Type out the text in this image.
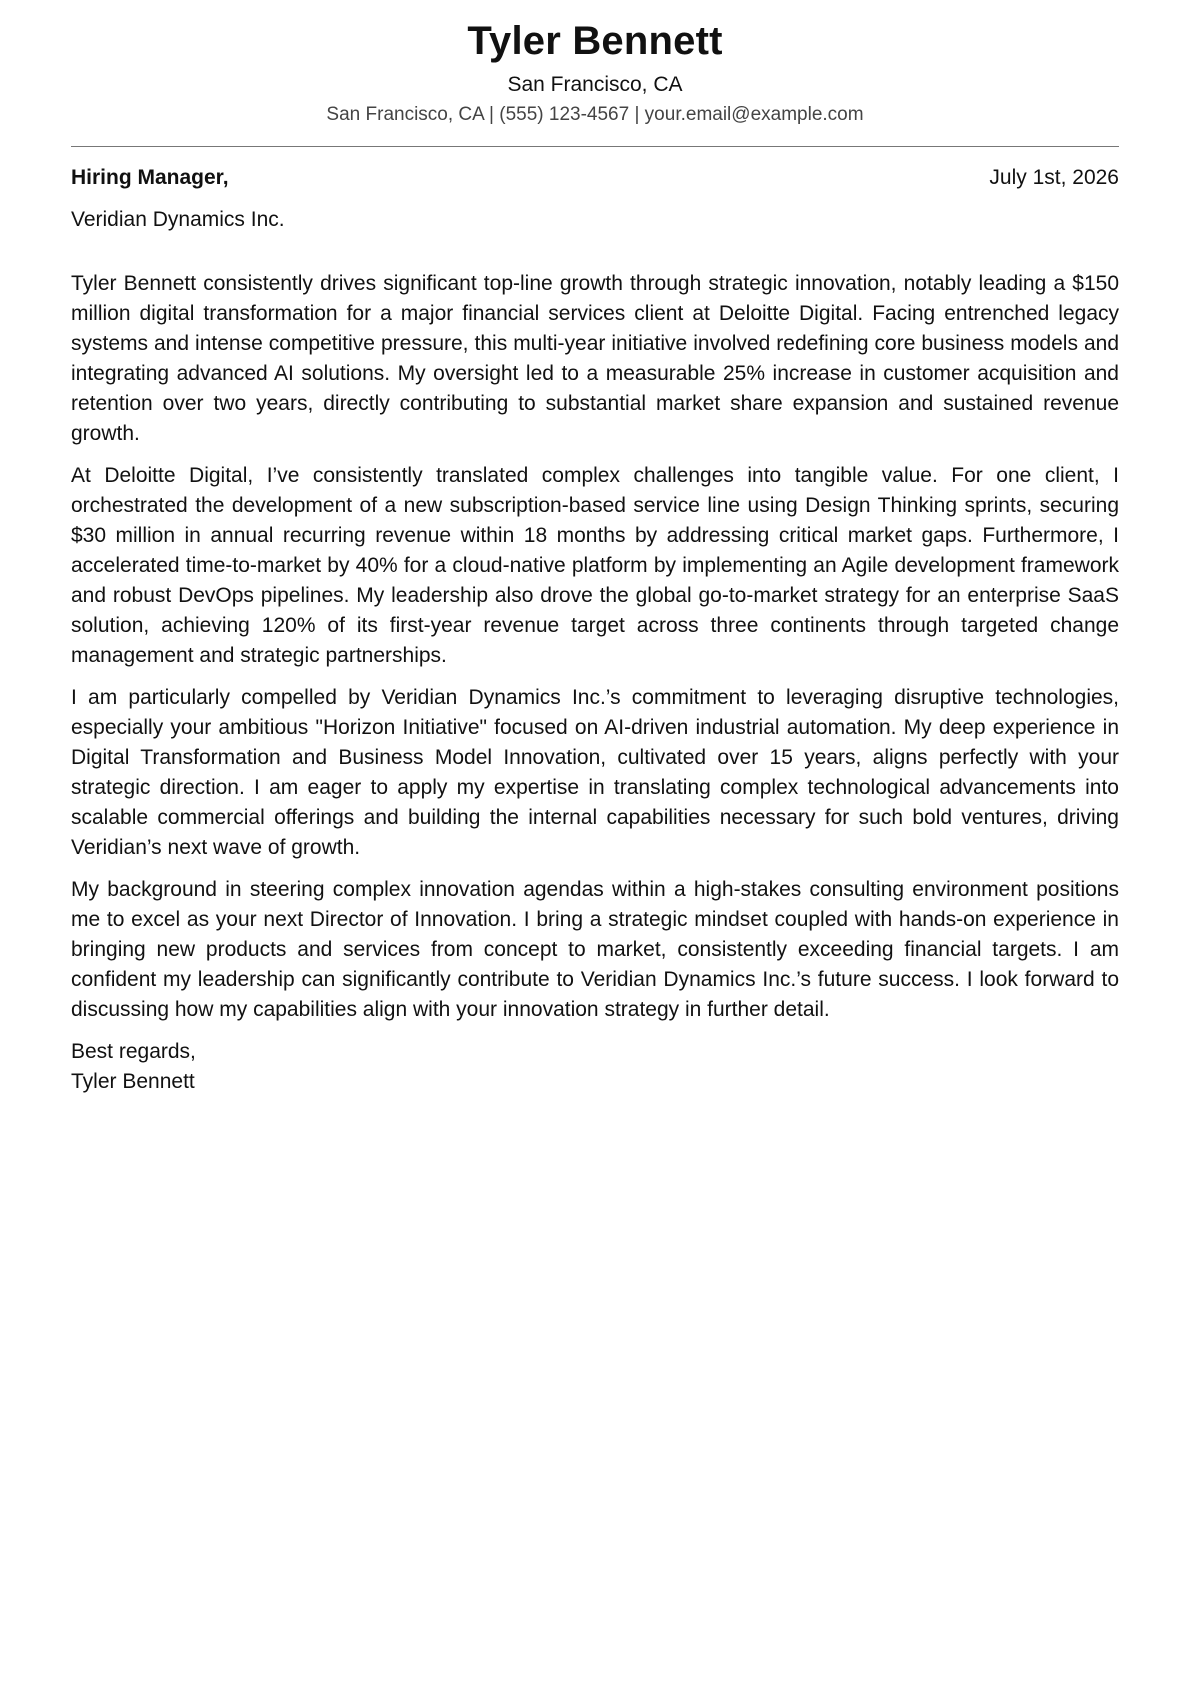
Tyler Bennett
San Francisco, CA
San Francisco, CA | (555) 123-4567 | your.email@example.com
Hiring Manager,	July 1st, 2026
Veridian Dynamics Inc.

Tyler Bennett consistently drives significant top-line growth through strategic innovation, notably leading a $150 million digital transformation for a major financial services client at Deloitte Digital. Facing entrenched legacy systems and intense competitive pressure, this multi-year initiative involved redefining core business models and integrating advanced AI solutions. My oversight led to a measurable 25% increase in customer acquisition and retention over two years, directly contributing to substantial market share expansion and sustained revenue growth.

At Deloitte Digital, I’ve consistently translated complex challenges into tangible value. For one client, I orchestrated the development of a new subscription-based service line using Design Thinking sprints, securing $30 million in annual recurring revenue within 18 months by addressing critical market gaps. Furthermore, I accelerated time-to-market by 40% for a cloud-native platform by implementing an Agile development framework and robust DevOps pipelines. My leadership also drove the global go-to-market strategy for an enterprise SaaS solution, achieving 120% of its first-year revenue target across three continents through targeted change management and strategic partnerships.

I am particularly compelled by Veridian Dynamics Inc.’s commitment to leveraging disruptive technologies, especially your ambitious "Horizon Initiative" focused on AI-driven industrial automation. My deep experience in Digital Transformation and Business Model Innovation, cultivated over 15 years, aligns perfectly with your strategic direction. I am eager to apply my expertise in translating complex technological advancements into scalable commercial offerings and building the internal capabilities necessary for such bold ventures, driving Veridian’s next wave of growth.

My background in steering complex innovation agendas within a high-stakes consulting environment positions me to excel as your next Director of Innovation. I bring a strategic mindset coupled with hands-on experience in bringing new products and services from concept to market, consistently exceeding financial targets. I am confident my leadership can significantly contribute to Veridian Dynamics Inc.’s future success. I look forward to discussing how my capabilities align with your innovation strategy in further detail.

Best regards,
Tyler Bennett
